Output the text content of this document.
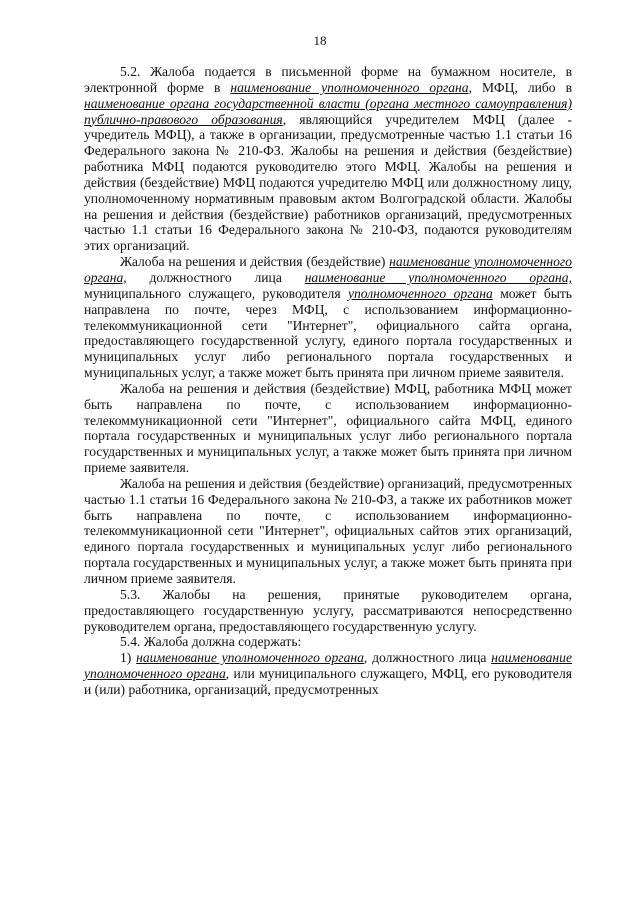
18

5.2. Жалоба подается в письменной форме на бумажном носителе, в электронной форме в наименование уполномоченного органа, МФЦ, либо в наименование органа государственной власти (органа местного самоуправления) публично-правового образования, являющийся учредителем МФЦ (далее - учредитель МФЦ), а также в организации, предусмотренные частью 1.1 статьи 16 Федерального закона № 210-ФЗ. Жалобы на решения и действия (бездействие) работника МФЦ подаются руководителю этого МФЦ. Жалобы на решения и действия (бездействие) МФЦ подаются учредителю МФЦ или должностному лицу, уполномоченному нормативным правовым актом Волгоградской области. Жалобы на решения и действия (бездействие) работников организаций, предусмотренных частью 1.1 статьи 16 Федерального закона № 210-ФЗ, подаются руководителям этих организаций.

Жалоба на решения и действия (бездействие) наименование уполномоченного органа, должностного лица наименование уполномоченного органа, муниципального служащего, руководителя уполномоченного органа может быть направлена по почте, через МФЦ, с использованием информационно-телекоммуникационной сети "Интернет", официального сайта органа, предоставляющего государственной услугу, единого портала государственных и муниципальных услуг либо регионального портала государственных и муниципальных услуг, а также может быть принята при личном приеме заявителя.

Жалоба на решения и действия (бездействие) МФЦ, работника МФЦ может быть направлена по почте, с использованием информационно-телекоммуникационной сети "Интернет", официального сайта МФЦ, единого портала государственных и муниципальных услуг либо регионального портала государственных и муниципальных услуг, а также может быть принята при личном приеме заявителя.

Жалоба на решения и действия (бездействие) организаций, предусмотренных частью 1.1 статьи 16 Федерального закона № 210-ФЗ, а также их работников может быть направлена по почте, с использованием информационно-телекоммуникационной сети "Интернет", официальных сайтов этих организаций, единого портала государственных и муниципальных услуг либо регионального портала государственных и муниципальных услуг, а также может быть принята при личном приеме заявителя.

5.3. Жалобы на решения, принятые руководителем органа, предоставляющего государственную услугу, рассматриваются непосредственно руководителем органа, предоставляющего государственную услугу.

5.4. Жалоба должна содержать:

1) наименование уполномоченного органа, должностного лица наименование уполномоченного органа, или муниципального служащего, МФЦ, его руководителя и (или) работника, организаций, предусмотренных
